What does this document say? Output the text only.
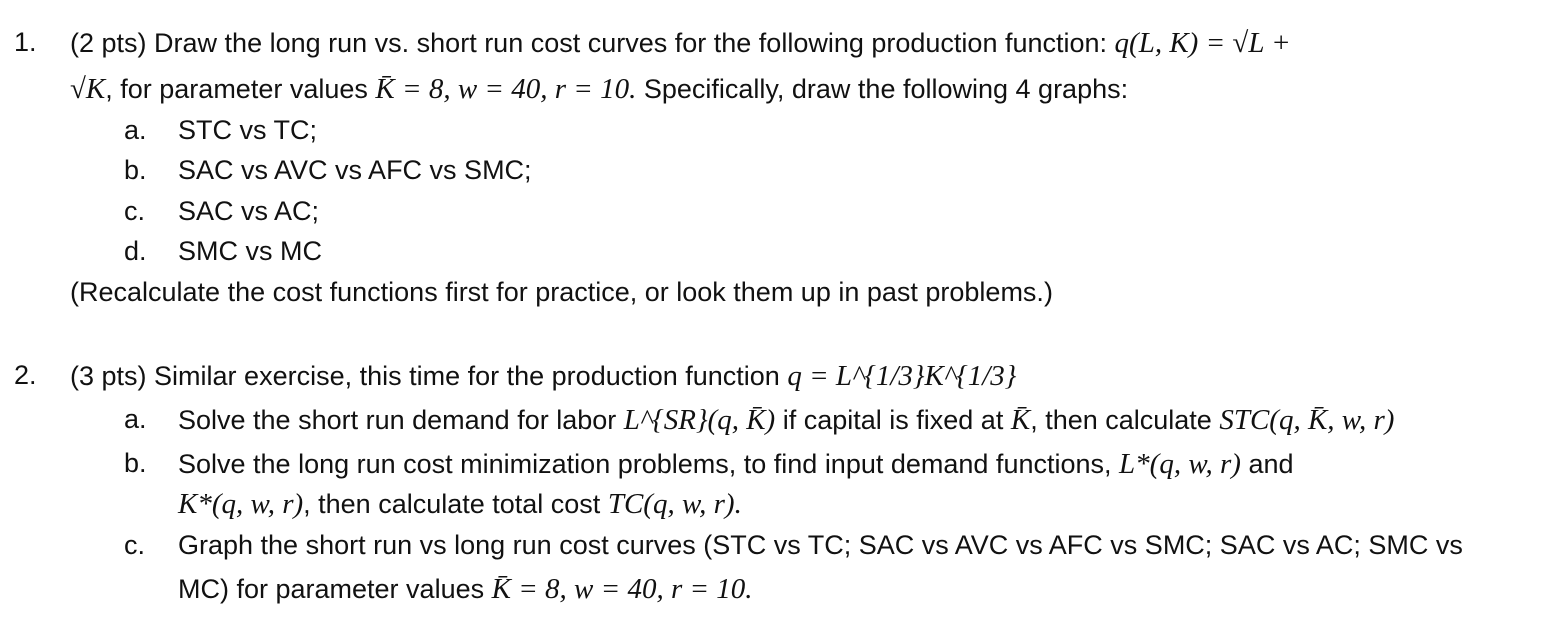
1. (2 pts) Draw the long run vs. short run cost curves for the following production function: q(L, K) = √L +
√K, for parameter values K̄ = 8, w = 40, r = 10. Specifically, draw the following 4 graphs:
a. STC vs TC;
b. SAC vs AVC vs AFC vs SMC;
c. SAC vs AC;
d. SMC vs MC
(Recalculate the cost functions first for practice, or look them up in past problems.)
2. (3 pts) Similar exercise, this time for the production function q = L^{1/3}K^{1/3}
a. Solve the short run demand for labor L^{SR}(q, K̄) if capital is fixed at K̄, then calculate STC(q, K̄, w, r)
b. Solve the long run cost minimization problems, to find input demand functions, L*(q, w, r) and
K*(q, w, r), then calculate total cost TC(q, w, r).
c. Graph the short run vs long run cost curves (STC vs TC; SAC vs AVC vs AFC vs SMC; SAC vs AC; SMC vs
MC) for parameter values K̄ = 8, w = 40, r = 10.
